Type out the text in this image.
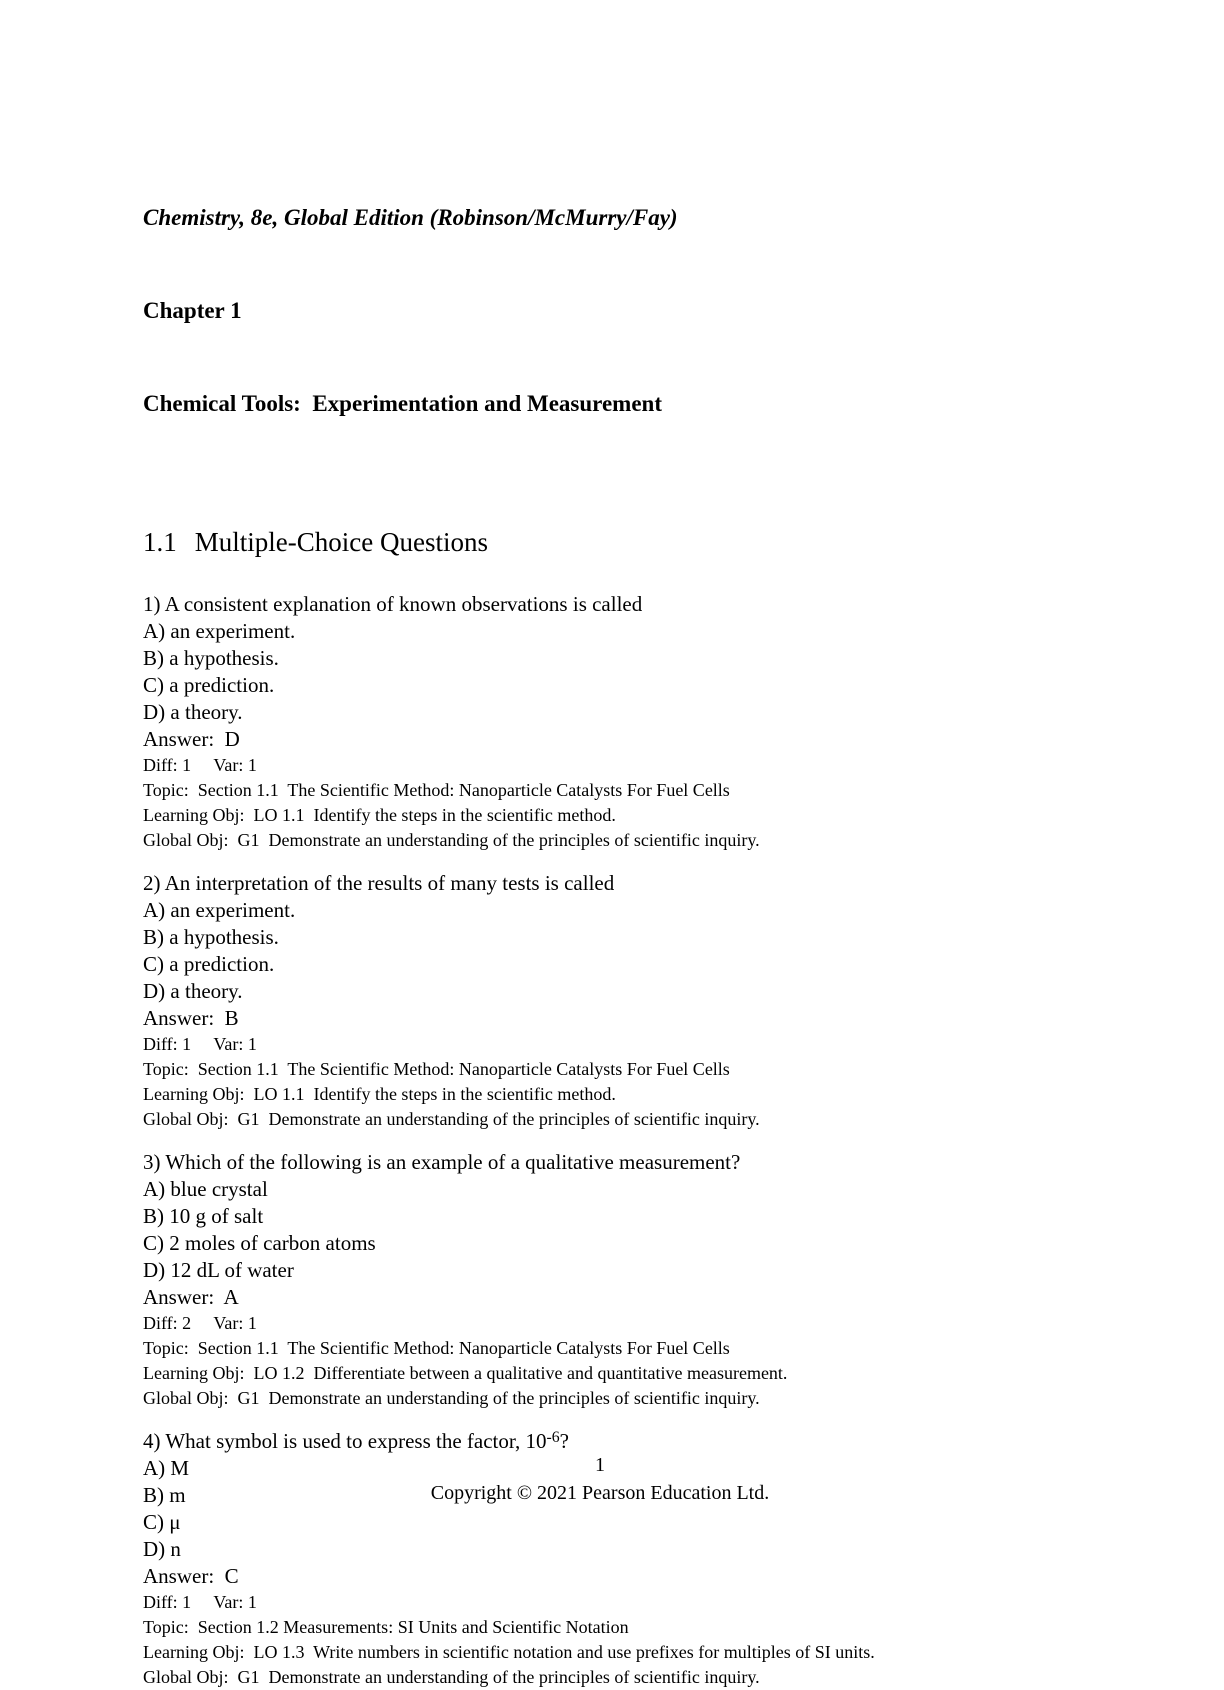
Chemistry, 8e, Global Edition (Robinson/McMurry/Fay)

Chapter 1

Chemical Tools:  Experimentation and Measurement

1.1 Multiple-Choice Questions
1) A consistent explanation of known observations is called
A) an experiment.
B) a hypothesis.
C) a prediction.
D) a theory.
Answer:  D
Diff: 1     Var: 1
Topic:  Section 1.1  The Scientific Method: Nanoparticle Catalysts For Fuel Cells
Learning Obj:  LO 1.1  Identify the steps in the scientific method.
Global Obj:  G1  Demonstrate an understanding of the principles of scientific inquiry.
2) An interpretation of the results of many tests is called
A) an experiment.
B) a hypothesis.
C) a prediction.
D) a theory.
Answer:  B
Diff: 1     Var: 1
Topic:  Section 1.1  The Scientific Method: Nanoparticle Catalysts For Fuel Cells
Learning Obj:  LO 1.1  Identify the steps in the scientific method.
Global Obj:  G1  Demonstrate an understanding of the principles of scientific inquiry.
3) Which of the following is an example of a qualitative measurement?
A) blue crystal
B) 10 g of salt
C) 2 moles of carbon atoms
D) 12 dL of water
Answer:  A
Diff: 2     Var: 1
Topic:  Section 1.1  The Scientific Method: Nanoparticle Catalysts For Fuel Cells
Learning Obj:  LO 1.2  Differentiate between a qualitative and quantitative measurement.
Global Obj:  G1  Demonstrate an understanding of the principles of scientific inquiry.
4) What symbol is used to express the factor, $10^{-6}$?
A) M
B) m
C) μ
D) n
Answer:  C
Diff: 1     Var: 1
Topic:  Section 1.2 Measurements: SI Units and Scientific Notation
Learning Obj:  LO 1.3  Write numbers in scientific notation and use prefixes for multiples of SI units.
Global Obj:  G1  Demonstrate an understanding of the principles of scientific inquiry.
1
Copyright © 2021 Pearson Education Ltd.
